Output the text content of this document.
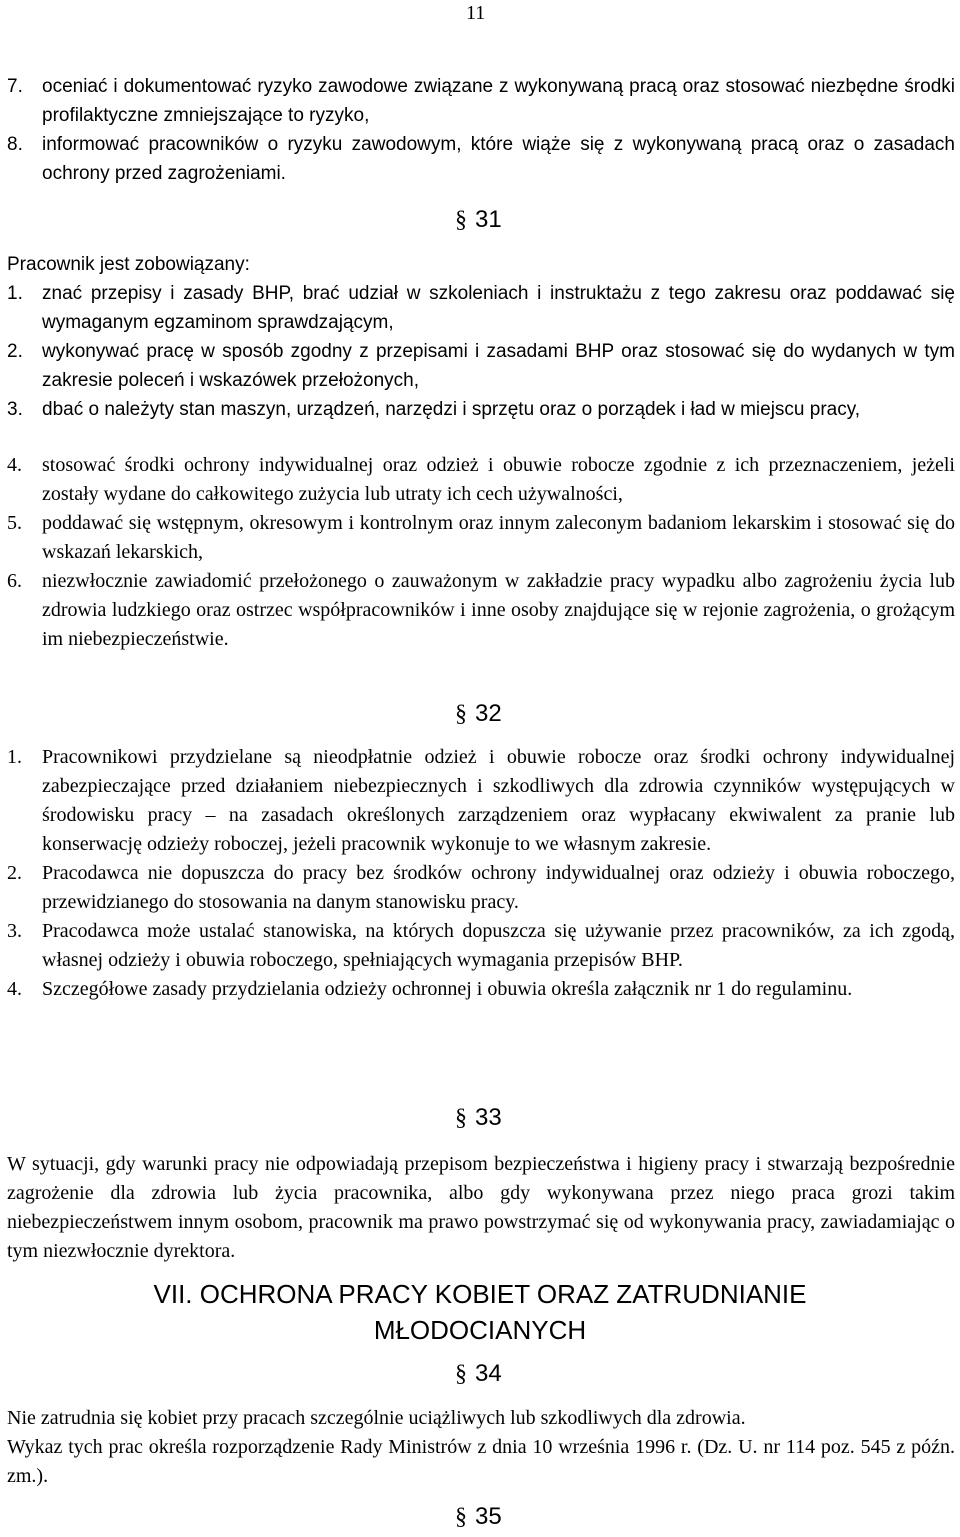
11
7.	oceniać i dokumentować ryzyko zawodowe związane z wykonywaną pracą oraz stosować niezbędne środki profilaktyczne zmniejszające to ryzyko,
8.	informować pracowników o ryzyku zawodowym, które wiąże się z wykonywaną pracą oraz o zasadach ochrony przed zagrożeniami.
§ 31
Pracownik jest zobowiązany:
1.	znać przepisy i zasady BHP, brać udział w szkoleniach i instruktażu z tego zakresu oraz poddawać się wymaganym egzaminom sprawdzającym,
2.	wykonywać pracę w sposób zgodny z przepisami i zasadami BHP oraz stosować się do wydanych w tym zakresie poleceń i wskazówek przełożonych,
3.	dbać o należyty stan maszyn, urządzeń, narzędzi i sprzętu oraz o porządek i ład w miejscu pracy,
4.	stosować środki ochrony indywidualnej oraz odzież i obuwie robocze zgodnie z ich przeznaczeniem, jeżeli zostały wydane do całkowitego zużycia lub utraty ich cech używalności,
5.	poddawać się wstępnym, okresowym i kontrolnym oraz innym zaleconym badaniom lekarskim i stosować się do wskazań lekarskich,
6.	niezwłocznie zawiadomić przełożonego o zauważonym w zakładzie pracy wypadku albo zagrożeniu życia lub zdrowia ludzkiego oraz ostrzec współpracowników i inne osoby znajdujące się w rejonie zagrożenia, o grożącym im niebezpieczeństwie.
§ 32
1.	Pracownikowi przydzielane są nieodpłatnie odzież i obuwie robocze oraz środki ochrony indywidualnej zabezpieczające przed działaniem niebezpiecznych i szkodliwych dla zdrowia czynników występujących w środowisku pracy – na zasadach określonych zarządzeniem oraz wypłacany ekwiwalent za pranie lub konserwację odzieży roboczej, jeżeli pracownik wykonuje to we własnym zakresie.
2.	Pracodawca nie dopuszcza do pracy bez środków ochrony indywidualnej oraz odzieży i obuwia roboczego, przewidzianego do stosowania na danym stanowisku pracy.
3.	Pracodawca może ustalać stanowiska, na których dopuszcza się używanie przez pracowników, za ich zgodą, własnej odzieży i obuwia roboczego, spełniających wymagania przepisów BHP.
4.	Szczegółowe zasady przydzielania odzieży ochronnej i obuwia określa załącznik nr 1 do regulaminu.
§ 33
W sytuacji, gdy warunki pracy nie odpowiadają przepisom bezpieczeństwa i higieny pracy i stwarzają bezpośrednie zagrożenie dla zdrowia lub życia pracownika, albo gdy wykonywana przez niego praca grozi takim niebezpieczeństwem innym osobom, pracownik ma prawo powstrzymać się od wykonywania pracy, zawiadamiając o tym niezwłocznie dyrektora.
VII. OCHRONA PRACY KOBIET ORAZ ZATRUDNIANIE
MŁODOCIANYCH
§ 34
Nie zatrudnia się kobiet przy pracach szczególnie uciążliwych lub szkodliwych dla zdrowia.
Wykaz tych prac określa rozporządzenie Rady Ministrów z dnia 10 września 1996 r. (Dz. U. nr 114 poz. 545 z późn. zm.).
§ 35
